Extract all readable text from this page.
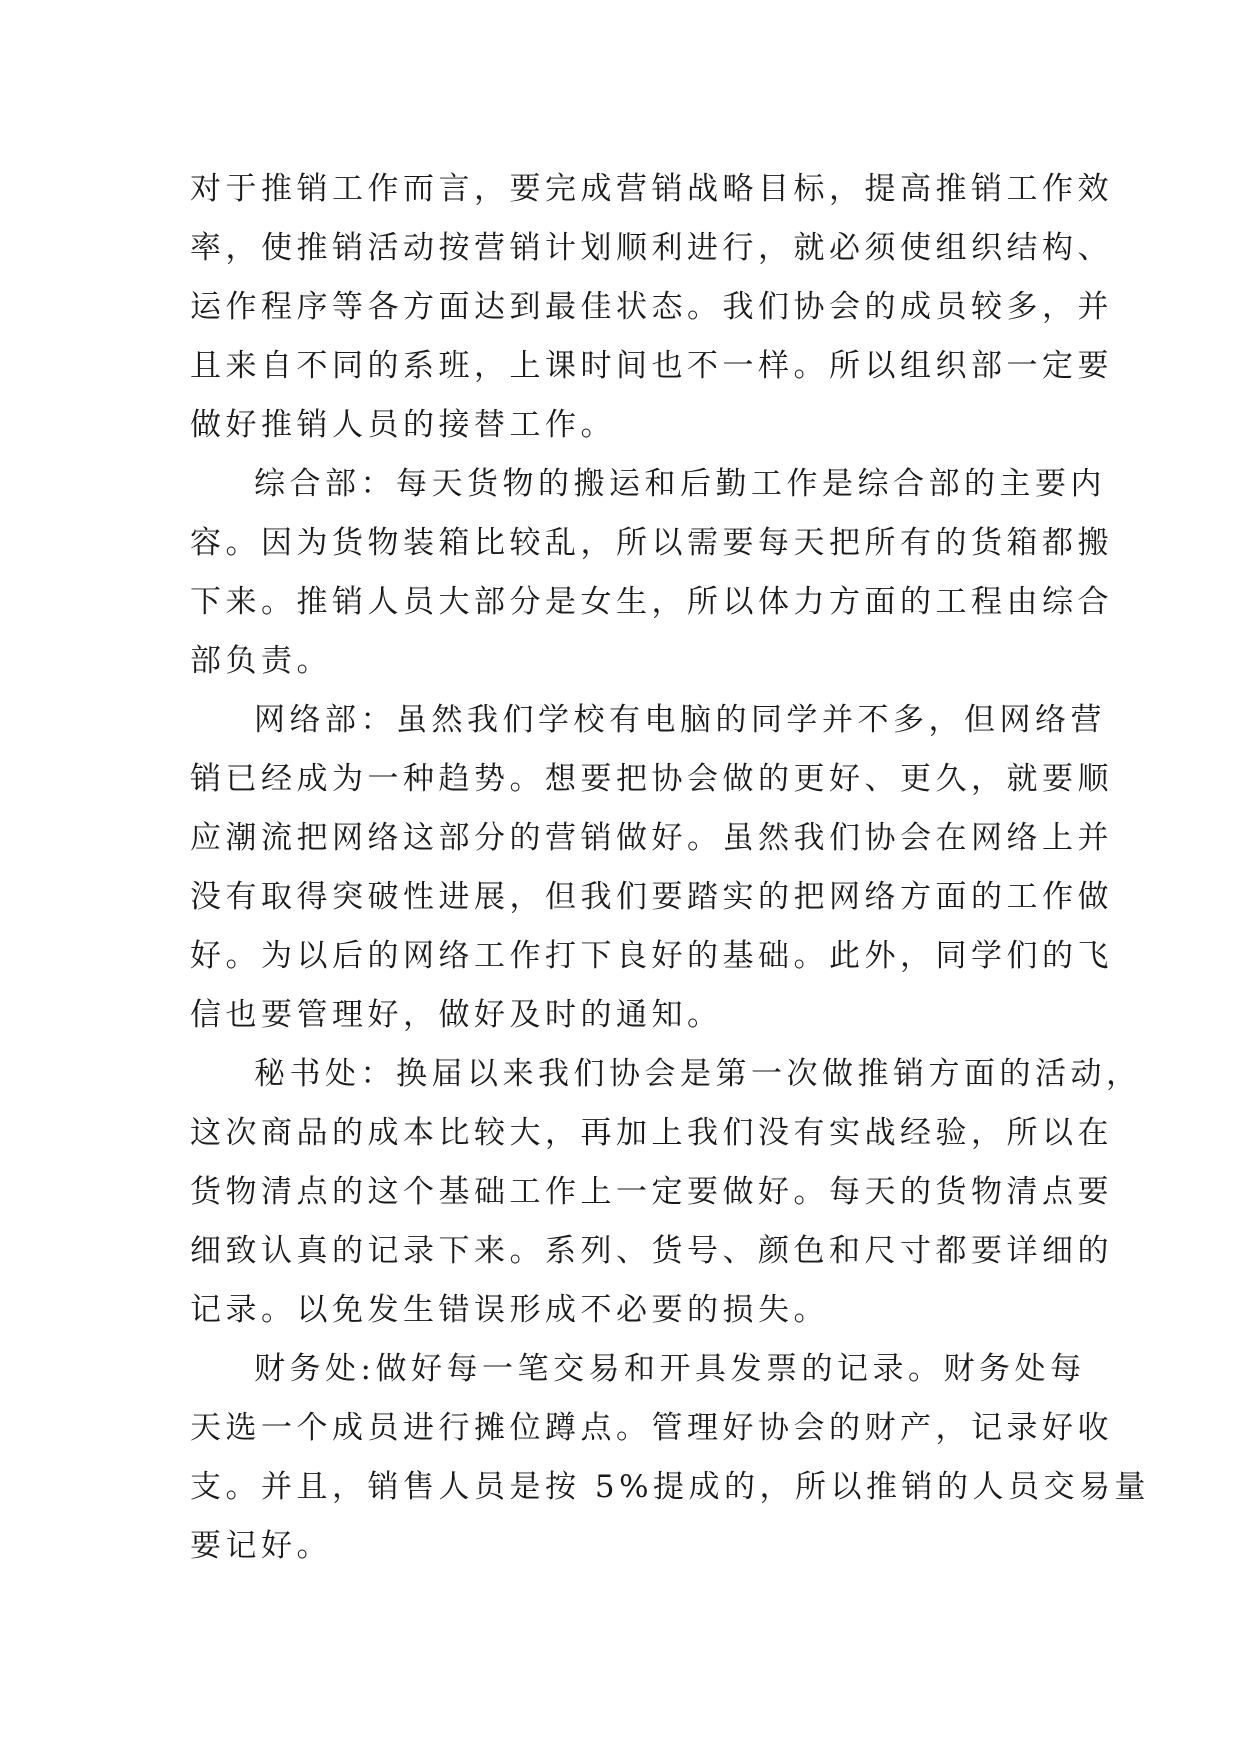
对于推销工作而言，要完成营销战略目标，提高推销工作效
率，使推销活动按营销计划顺利进行，就必须使组织结构、
运作程序等各方面达到最佳状态。我们协会的成员较多，并
且来自不同的系班，上课时间也不一样。所以组织部一定要
做好推销人员的接替工作。
综合部：每天货物的搬运和后勤工作是综合部的主要内
容。因为货物装箱比较乱，所以需要每天把所有的货箱都搬
下来。推销人员大部分是女生，所以体力方面的工程由综合
部负责。
网络部：虽然我们学校有电脑的同学并不多，但网络营
销已经成为一种趋势。想要把协会做的更好、更久，就要顺
应潮流把网络这部分的营销做好。虽然我们协会在网络上并
没有取得突破性进展，但我们要踏实的把网络方面的工作做
好。为以后的网络工作打下良好的基础。此外，同学们的飞
信也要管理好，做好及时的通知。
秘书处：换届以来我们协会是第一次做推销方面的活动，
这次商品的成本比较大，再加上我们没有实战经验，所以在
货物清点的这个基础工作上一定要做好。每天的货物清点要
细致认真的记录下来。系列、货号、颜色和尺寸都要详细的
记录。以免发生错误形成不必要的损失。
财务处:做好每一笔交易和开具发票的记录。财务处每
天选一个成员进行摊位蹲点。管理好协会的财产，记录好收
支。并且，销售人员是按 5%提成的，所以推销的人员交易量
要记好。
